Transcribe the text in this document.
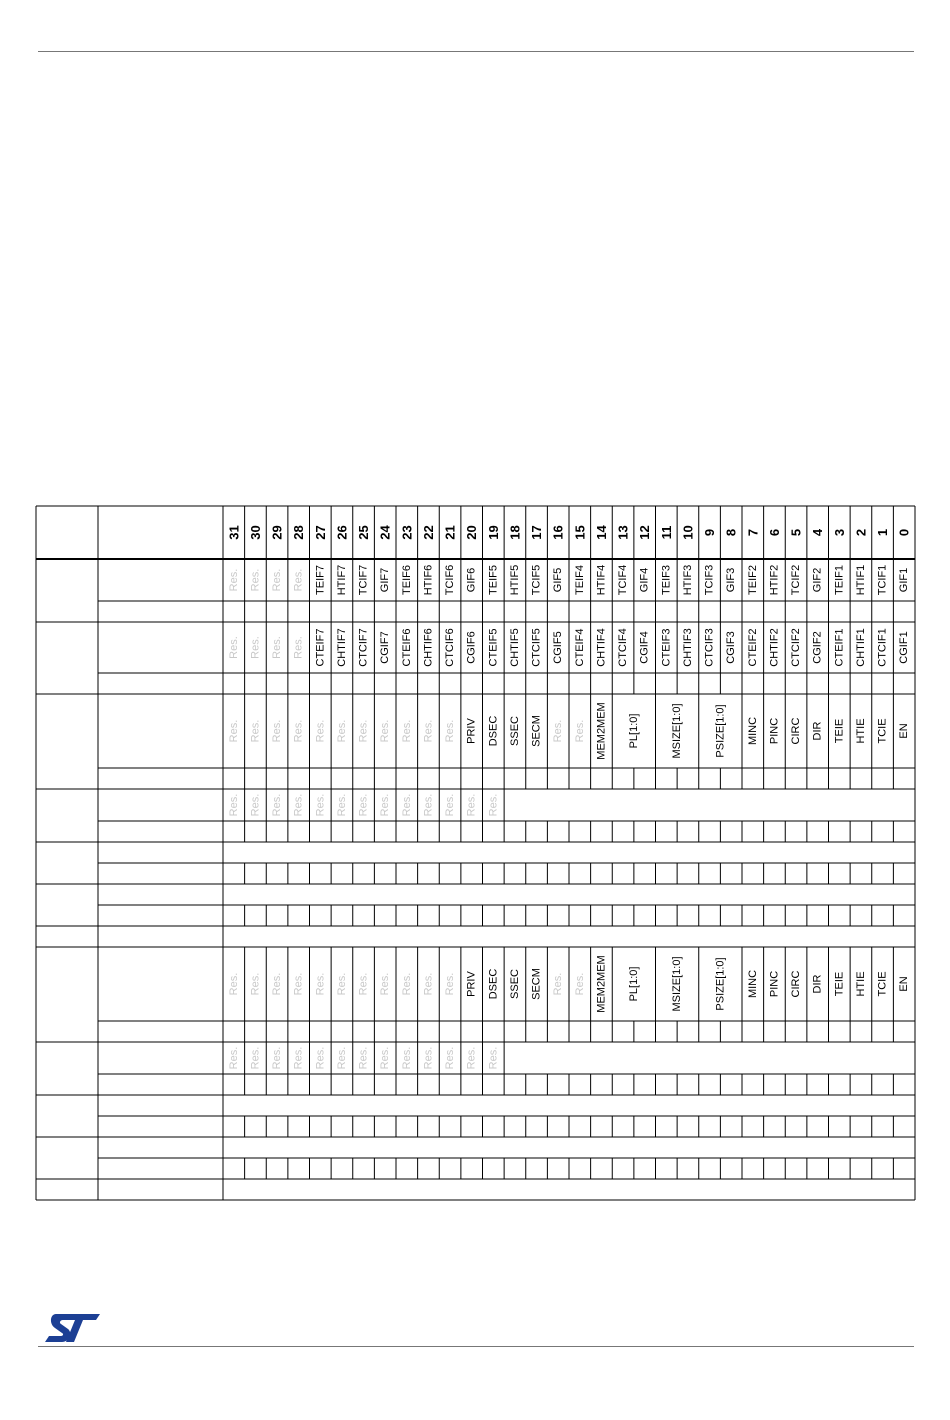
31 30 29 28 27 26 25 24 23 22 21 20 19 18 17 16 15 14 13 12 11 10 9 8 7 6 5 4 3 2 1 0
Res. Res. Res. Res. TEIF7 HTIF7 TCIF7 GIF7 TEIF6 HTIF6 TCIF6 GIF6 TEIF5 HTIF5 TCIF5 GIF5 TEIF4 HTIF4 TCIF4 GIF4 TEIF3 HTIF3 TCIF3 GIF3 TEIF2 HTIF2 TCIF2 GIF2 TEIF1 HTIF1 TCIF1 GIF1
Res. Res. Res. Res. CTEIF7 CHTIF7 CTCIF7 CGIF7 CTEIF6 CHTIF6 CTCIF6 CGIF6 CTEIF5 CHTIF5 CTCIF5 CGIF5 CTEIF4 CHTIF4 CTCIF4 CGIF4 CTEIF3 CHTIF3 CTCIF3 CGIF3 CTEIF2 CHTIF2 CTCIF2 CGIF2 CTEIF1 CHTIF1 CTCIF1 CGIF1
Res. Res. Res. Res. Res. Res. Res. Res. Res. Res. Res. PRIV DSEC SSEC SECM Res. Res. MEM2MEM PL[1:0]	MSIZE[1:0]	PSIZE[1:0] MINC PINC CIRC DIR TEIE HTIE TCIE EN
Res. Res. Res. Res. Res. Res. Res. Res. Res. Res. Res. Res. Res.
Res. Res. Res. Res. Res. Res. Res. Res. Res. Res. Res. PRIV DSEC SSEC SECM Res. Res. MEM2MEM PL[1:0]	MSIZE[1:0]	PSIZE[1:0] MINC PINC CIRC DIR TEIE HTIE TCIE EN
Res. Res. Res. Res. Res. Res. Res. Res. Res. Res. Res. Res. Res.
